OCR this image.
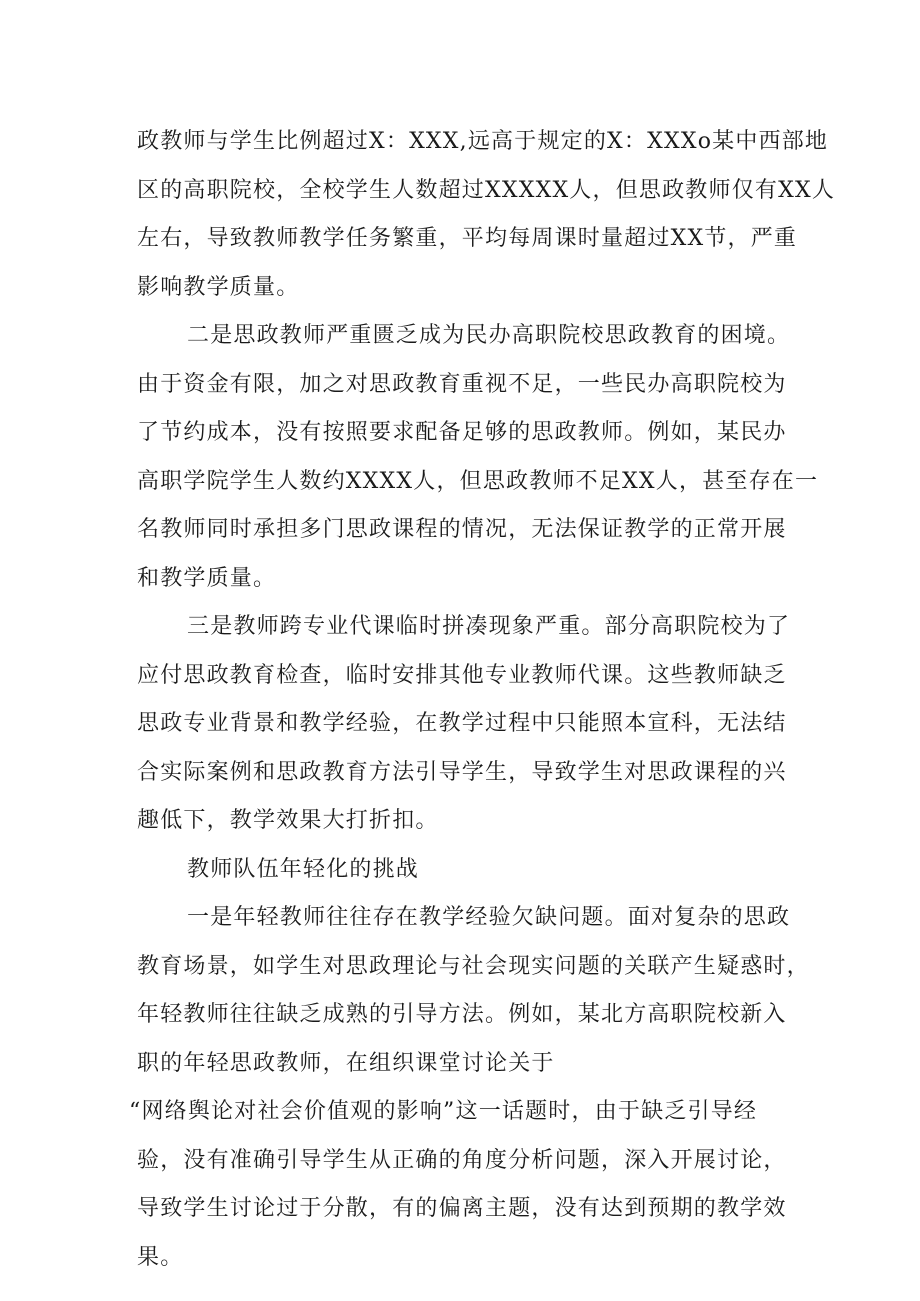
政教师与学生比例超过X：XXX,远高于规定的X：XXXo某中西部地
区的高职院校，全校学生人数超过XXXXX人，但思政教师仅有XX人
左右，导致教师教学任务繁重，平均每周课时量超过XX节，严重
影响教学质量。
二是思政教师严重匮乏成为民办高职院校思政教育的困境。
由于资金有限，加之对思政教育重视不足，一些民办高职院校为
了节约成本，没有按照要求配备足够的思政教师。例如，某民办
高职学院学生人数约XXXX人，但思政教师不足XX人，甚至存在一
名教师同时承担多门思政课程的情况，无法保证教学的正常开展
和教学质量。
三是教师跨专业代课临时拼凑现象严重。部分高职院校为了
应付思政教育检查，临时安排其他专业教师代课。这些教师缺乏
思政专业背景和教学经验，在教学过程中只能照本宣科，无法结
合实际案例和思政教育方法引导学生，导致学生对思政课程的兴
趣低下，教学效果大打折扣。
教师队伍年轻化的挑战
一是年轻教师往往存在教学经验欠缺问题。面对复杂的思政
教育场景，如学生对思政理论与社会现实问题的关联产生疑惑时，
年轻教师往往缺乏成熟的引导方法。例如，某北方高职院校新入
职的年轻思政教师，在组织课堂讨论关于
“网络舆论对社会价值观的影响”这一话题时，由于缺乏引导经
验，没有准确引导学生从正确的角度分析问题，深入开展讨论，
导致学生讨论过于分散，有的偏离主题，没有达到预期的教学效
果。
